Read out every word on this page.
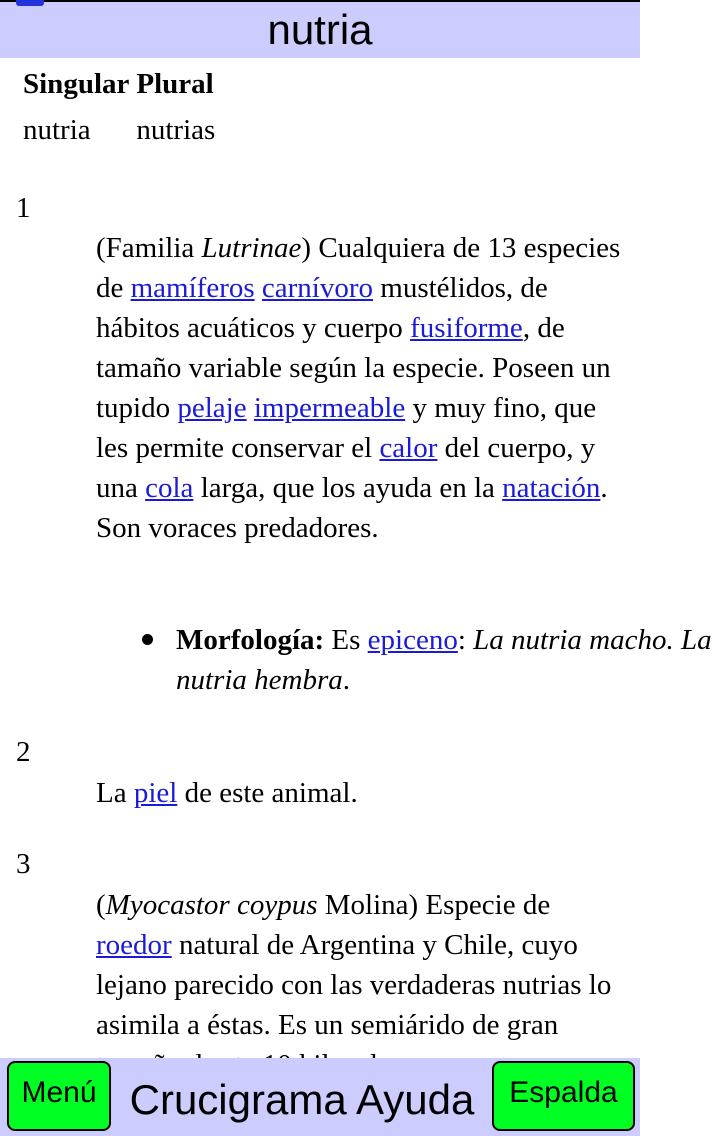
nutria
Singular	Plural
nutria	nutrias
1
(Familia Lutrinae) Cualquiera de 13 especies de mamíferos carnívoro mustélidos, de hábitos acuáticos y cuerpo fusiforme, de tamaño variable según la especie. Poseen un tupido pelaje impermeable y muy fino, que les permite conservar el calor del cuerpo, y una cola larga, que los ayuda en la natación. Son voraces predadores.
Morfología: Es epiceno: La nutria macho. La nutria hembra.
2
La piel de este animal.
3
(Myocastor coypus Molina) Especie de roedor natural de Argentina y Chile, cuyo lejano parecido con las verdaderas nutrias lo asimila a éstas. Es un semiárido de gran
Menú Crucigrama Ayuda	Espalda
